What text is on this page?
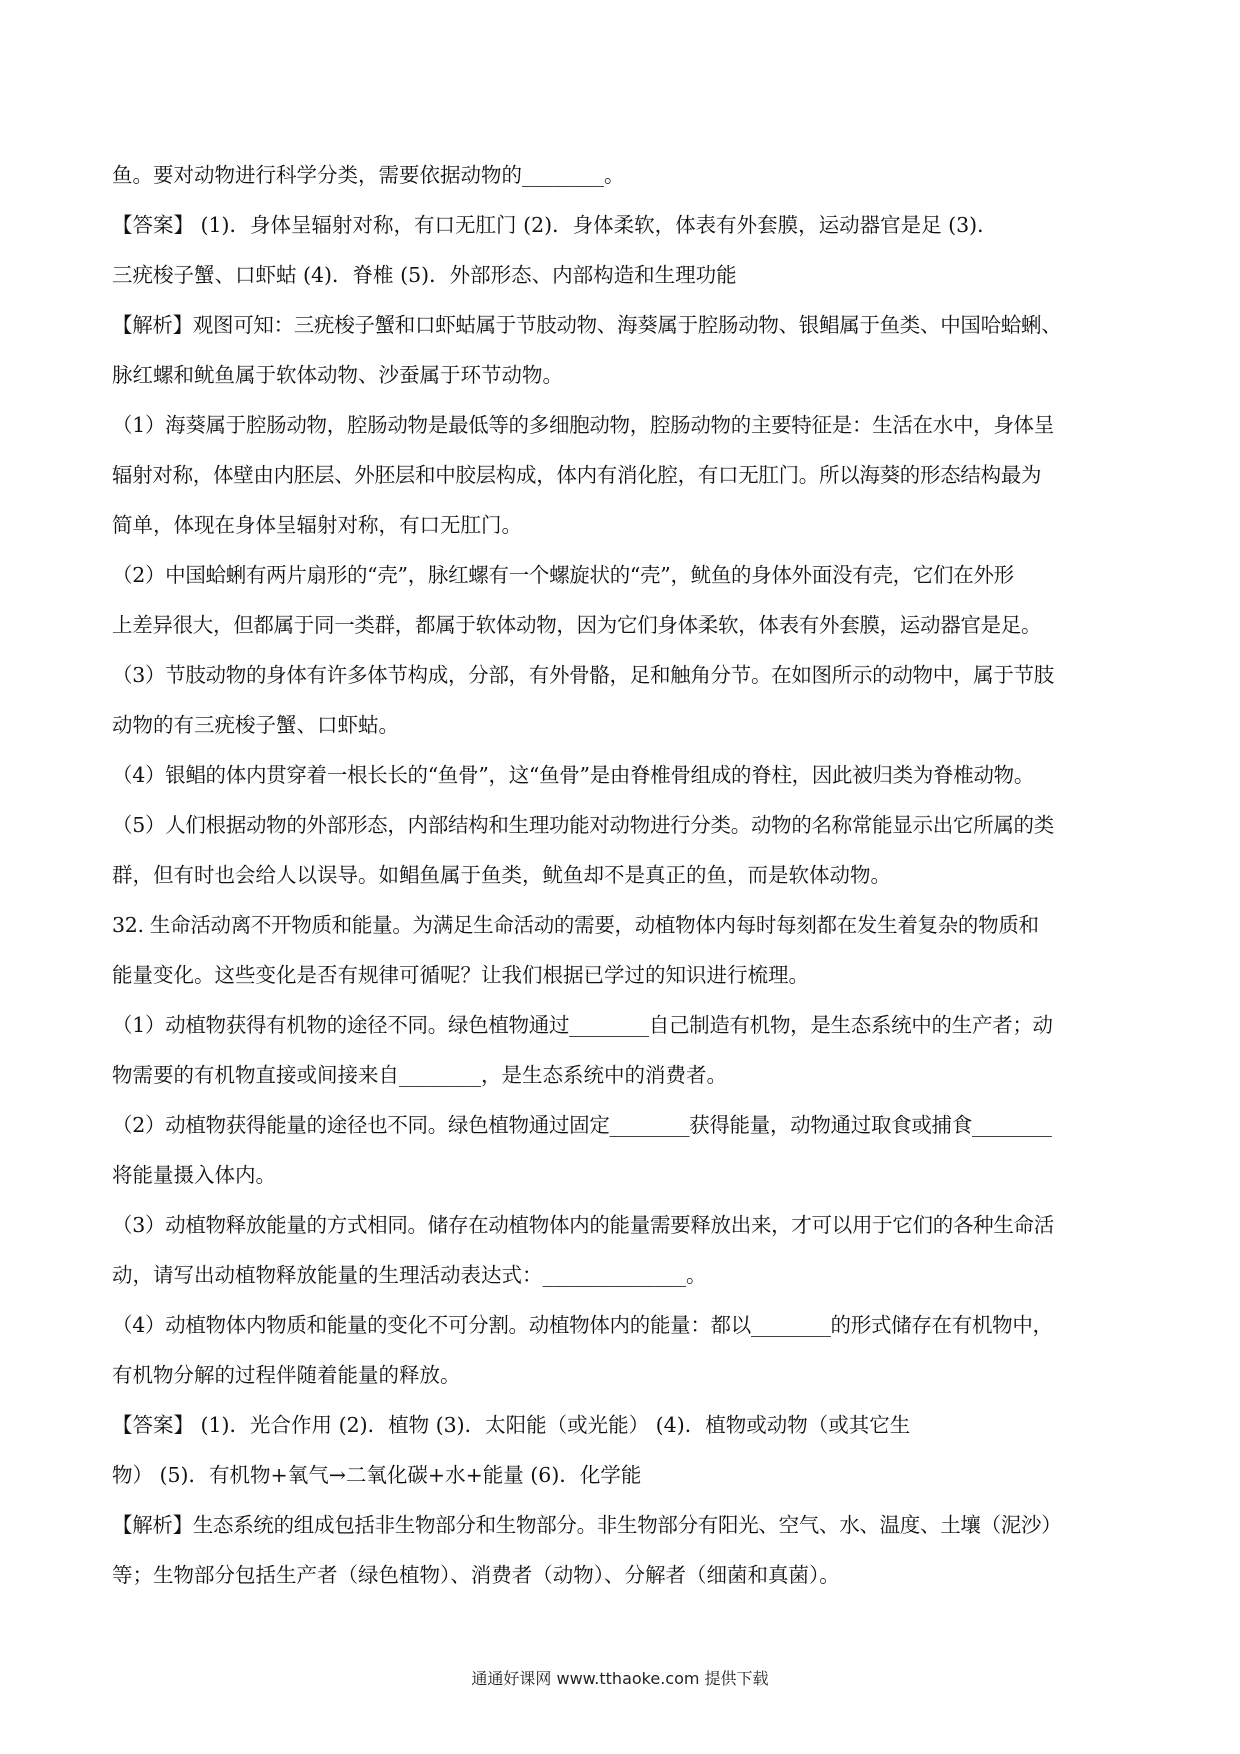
鱼。要对动物进行科学分类，需要依据动物的________。
【答案】 (1)．身体呈辐射对称，有口无肛门 (2)．身体柔软，体表有外套膜，运动器官是足 (3)．
三疣梭子蟹、口虾蛄 (4)．脊椎 (5)．外部形态、内部构造和生理功能
【解析】观图可知：三疣梭子蟹和口虾蛄属于节肢动物、海葵属于腔肠动物、银鲳属于鱼类、中国哈蛤蜊、
脉红螺和鱿鱼属于软体动物、沙蚕属于环节动物。
（1）海葵属于腔肠动物，腔肠动物是最低等的多细胞动物，腔肠动物的主要特征是：生活在水中，身体呈
辐射对称，体壁由内胚层、外胚层和中胶层构成，体内有消化腔，有口无肛门。所以海葵的形态结构最为
简单，体现在身体呈辐射对称，有口无肛门。
（2）中国蛤蜊有两片扇形的“壳”，脉红螺有一个螺旋状的“壳”，鱿鱼的身体外面没有壳，它们在外形
上差异很大，但都属于同一类群，都属于软体动物，因为它们身体柔软，体表有外套膜，运动器官是足。
（3）节肢动物的身体有许多体节构成，分部，有外骨骼，足和触角分节。在如图所示的动物中，属于节肢
动物的有三疣梭子蟹、口虾蛄。
（4）银鲳的体内贯穿着一根长长的“鱼骨”，这“鱼骨”是由脊椎骨组成的脊柱，因此被归类为脊椎动物。
（5）人们根据动物的外部形态，内部结构和生理功能对动物进行分类。动物的名称常能显示出它所属的类
群，但有时也会给人以误导。如鲳鱼属于鱼类，鱿鱼却不是真正的鱼，而是软体动物。
32. 生命活动离不开物质和能量。为满足生命活动的需要，动植物体内每时每刻都在发生着复杂的物质和
能量变化。这些变化是否有规律可循呢？让我们根据已学过的知识进行梳理。
（1）动植物获得有机物的途径不同。绿色植物通过________自己制造有机物，是生态系统中的生产者；动
物需要的有机物直接或间接来自________，是生态系统中的消费者。
（2）动植物获得能量的途径也不同。绿色植物通过固定________获得能量，动物通过取食或捕食________
将能量摄入体内。
（3）动植物释放能量的方式相同。储存在动植物体内的能量需要释放出来，才可以用于它们的各种生命活
动，请写出动植物释放能量的生理活动表达式：______________。
（4）动植物体内物质和能量的变化不可分割。动植物体内的能量：都以________的形式储存在有机物中，
有机物分解的过程伴随着能量的释放。
【答案】 (1)．光合作用 (2)．植物 (3)．太阳能（或光能） (4)．植物或动物（或其它生
物） (5)．有机物+氧气→二氧化碳+水+能量 (6)．化学能
【解析】生态系统的组成包括非生物部分和生物部分。非生物部分有阳光、空气、水、温度、土壤（泥沙）
等；生物部分包括生产者（绿色植物）、消费者（动物）、分解者（细菌和真菌）。
通通好课网 www.tthaoke.com 提供下载
